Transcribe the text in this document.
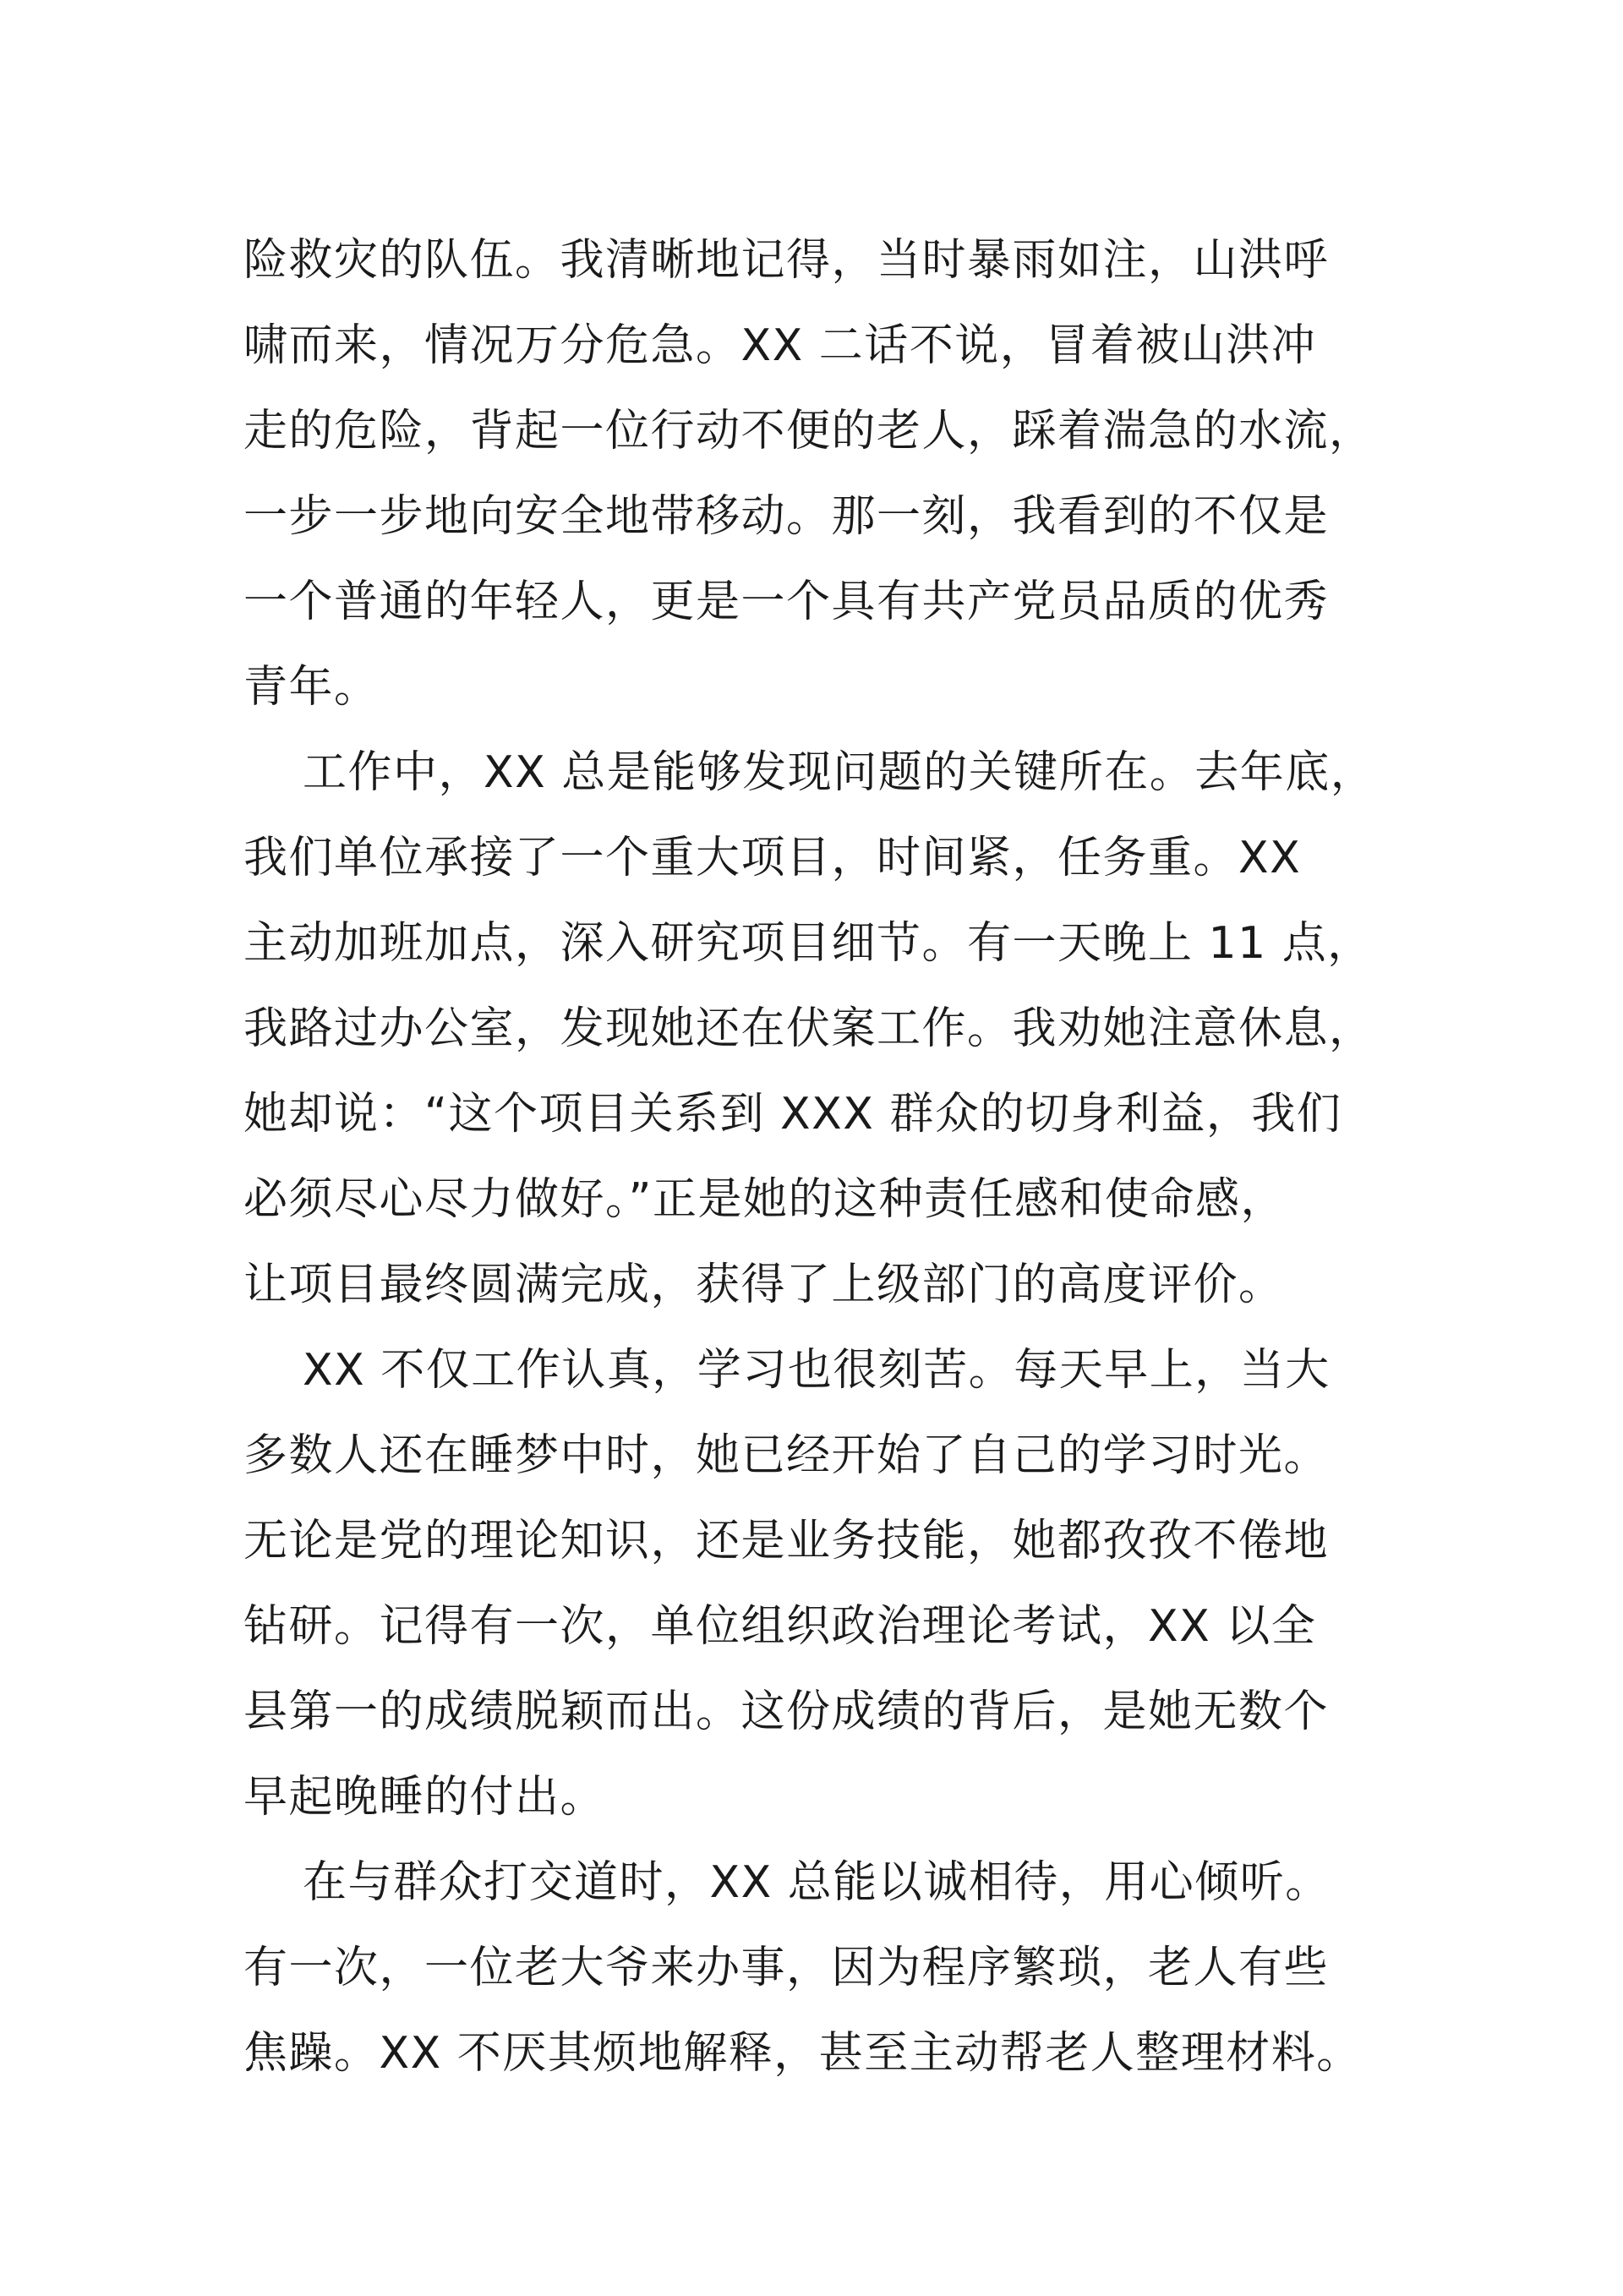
险救灾的队伍。我清晰地记得，当时暴雨如注，山洪呼
啸而来，情况万分危急。XX 二话不说，冒着被山洪冲
走的危险，背起一位行动不便的老人，踩着湍急的水流，
一步一步地向安全地带移动。那一刻，我看到的不仅是
一个普通的年轻人，更是一个具有共产党员品质的优秀
青年。
工作中，XX 总是能够发现问题的关键所在。去年底，
我们单位承接了一个重大项目，时间紧，任务重。XX
主动加班加点，深入研究项目细节。有一天晚上 11 点，
我路过办公室，发现她还在伏案工作。我劝她注意休息，
她却说：“这个项目关系到 XXX 群众的切身利益，我们
必须尽心尽力做好。”正是她的这种责任感和使命感，
让项目最终圆满完成，获得了上级部门的高度评价。
XX 不仅工作认真，学习也很刻苦。每天早上，当大
多数人还在睡梦中时，她已经开始了自己的学习时光。
无论是党的理论知识，还是业务技能，她都孜孜不倦地
钻研。记得有一次，单位组织政治理论考试，XX 以全
县第一的成绩脱颖而出。这份成绩的背后，是她无数个
早起晚睡的付出。
在与群众打交道时，XX 总能以诚相待，用心倾听。
有一次，一位老大爷来办事，因为程序繁琐，老人有些
焦躁。XX 不厌其烦地解释，甚至主动帮老人整理材料。
